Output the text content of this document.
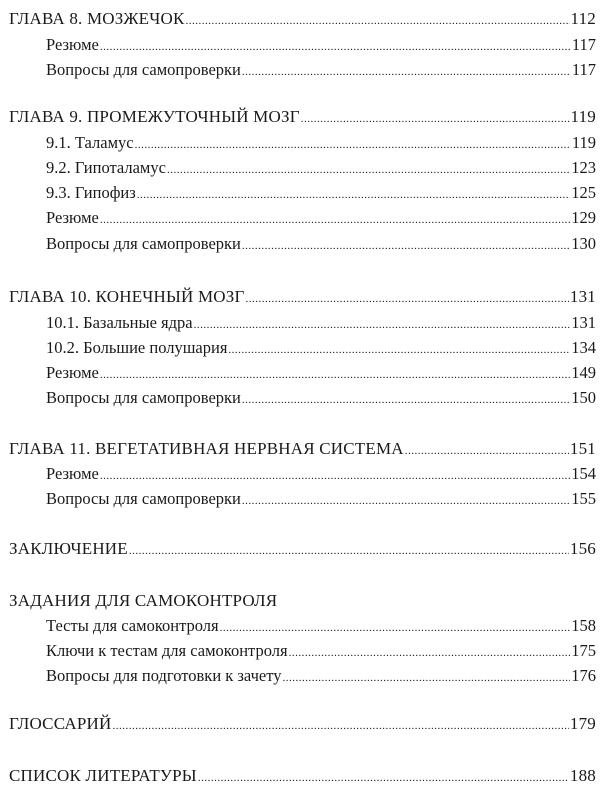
ГЛАВА 8. МОЗЖЕЧОК .....	112
Резюме .....	117
Вопросы для самопроверки .....	117
ГЛАВА 9. ПРОМЕЖУТОЧНЫЙ МОЗГ .....	119
9.1. Таламус .....	119
9.2. Гипоталамус .....	123
9.3. Гипофиз .....	125
Резюме .....	129
Вопросы для самопроверки .....	130
ГЛАВА 10. КОНЕЧНЫЙ МОЗГ .....	131
10.1. Базальные ядра .....	131
10.2. Большие полушария .....	134
Резюме .....	149
Вопросы для самопроверки .....	150
ГЛАВА 11. ВЕГЕТАТИВНАЯ НЕРВНАЯ СИСТЕМА .....	151
Резюме .....	154
Вопросы для самопроверки .....	155
ЗАКЛЮЧЕНИЕ .....	156
ЗАДАНИЯ ДЛЯ САМОКОНТРОЛЯ
Тесты для самоконтроля .....	158
Ключи к тестам для самоконтроля .....	175
Вопросы для подготовки к зачету .....	176
ГЛОССАРИЙ .....	179
СПИСОК ЛИТЕРАТУРЫ .....	188
